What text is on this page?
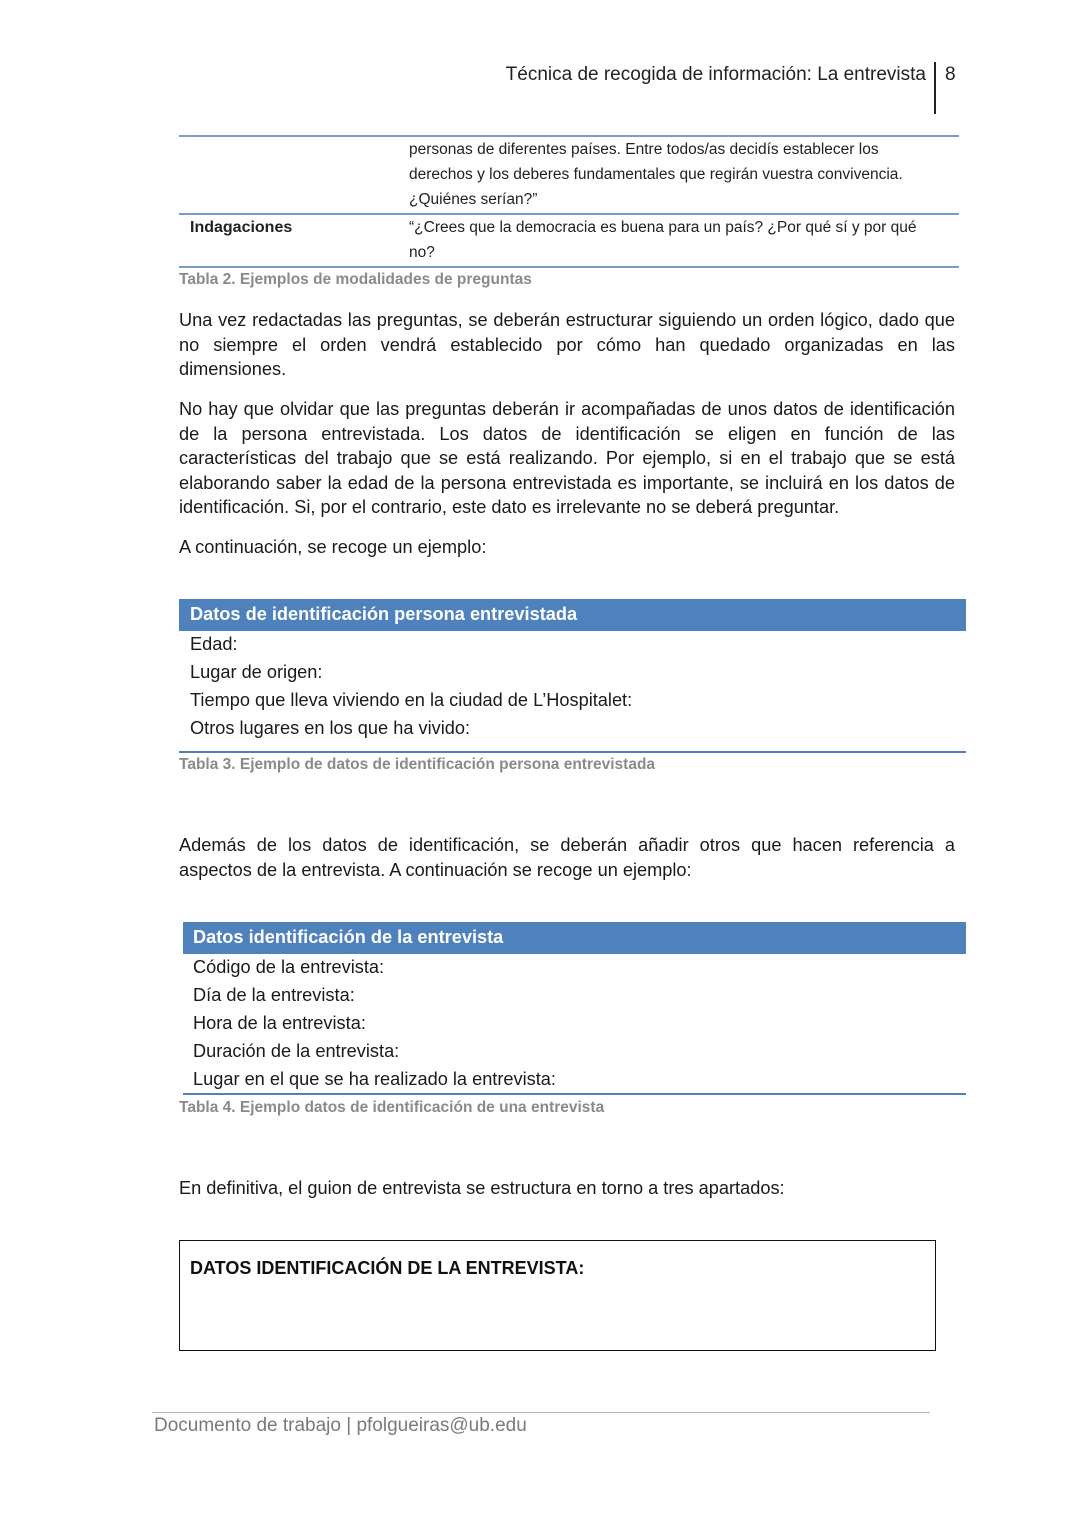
Técnica de recogida de información: La entrevista 8
personas de diferentes países. Entre todos/as decidís establecer los
derechos y los deberes fundamentales que regirán vuestra convivencia.
¿Quiénes serían?”
Indagaciones	“¿Crees que la democracia es buena para un país? ¿Por qué sí y por qué
no?
Tabla 2. Ejemplos de modalidades de preguntas
Una vez redactadas las preguntas, se deberán estructurar siguiendo un orden lógico, dado que no siempre el orden vendrá establecido por cómo han quedado organizadas en las dimensiones.
No hay que olvidar que las preguntas deberán ir acompañadas de unos datos de identificación de la persona entrevistada. Los datos de identificación se eligen en función de las características del trabajo que se está realizando. Por ejemplo, si en el trabajo que se está elaborando saber la edad de la persona entrevistada es importante, se incluirá en los datos de identificación. Si, por el contrario, este dato es irrelevante no se deberá preguntar.
A continuación, se recoge un ejemplo:
Datos de identificación persona entrevistada
Edad:
Lugar de origen:
Tiempo que lleva viviendo en la ciudad de L’Hospitalet:
Otros lugares en los que ha vivido:
Tabla 3. Ejemplo de datos de identificación persona entrevistada
Además de los datos de identificación, se deberán añadir otros que hacen referencia a aspectos de la entrevista. A continuación se recoge un ejemplo:
Datos identificación de la entrevista
Código de la entrevista:
Día de la entrevista:
Hora de la entrevista:
Duración de la entrevista:
Lugar en el que se ha realizado la entrevista:
Tabla 4. Ejemplo datos de identificación de una entrevista
En definitiva, el guion de entrevista se estructura en torno a tres apartados:
DATOS IDENTIFICACIÓN DE LA ENTREVISTA:
Documento de trabajo | pfolgueiras@ub.edu
